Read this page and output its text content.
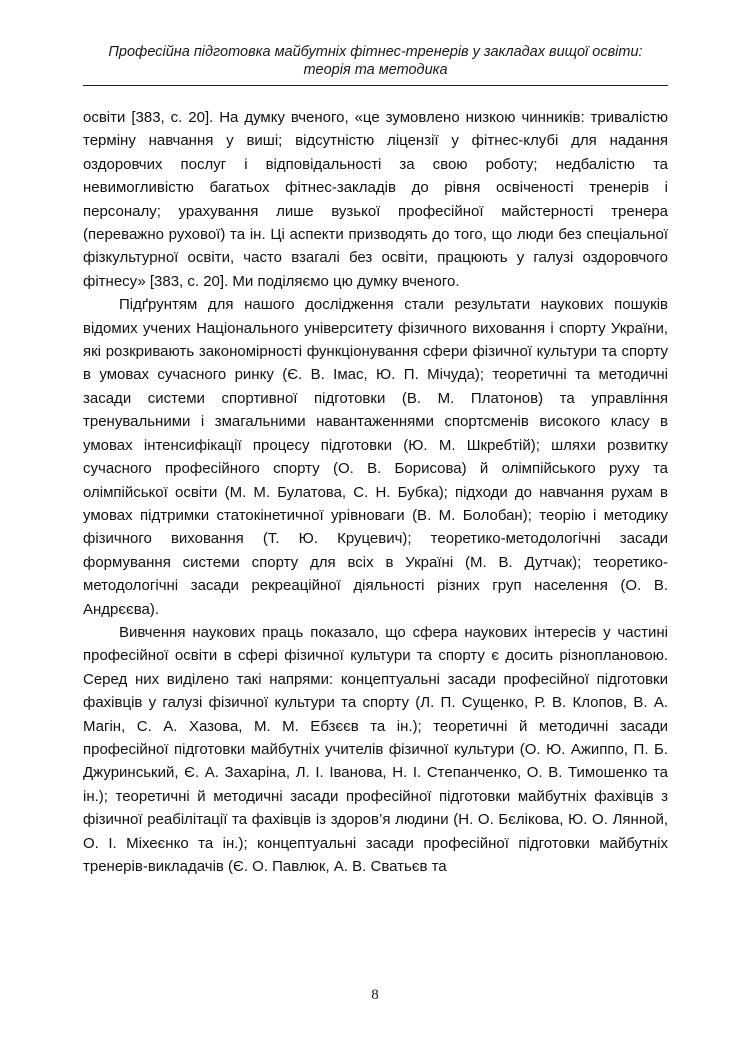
Професійна підготовка майбутніх фітнес-тренерів у закладах вищої освіти:
теорія та методика

освіти [383, с. 20]. На думку вченого, «це зумовлено низкою чинників: тривалістю терміну навчання у виші; відсутністю ліцензії у фітнес-клубі для надання оздоровчих послуг і відповідальності за свою роботу; недбалістю та невимогливістю багатьох фітнес-закладів до рівня освіченості тренерів і персоналу; урахування лише вузької професійної майстерності тренера (переважно рухової) та ін. Ці аспекти призводять до того, що люди без спеціальної фізкультурної освіти, часто взагалі без освіти, працюють у галузі оздоровчого фітнесу» [383, с. 20]. Ми поділяємо цю думку вченого.

Підґрунтям для нашого дослідження стали результати наукових пошуків відомих учених Національного університету фізичного виховання і спорту України, які розкривають закономірності функціонування сфери фізичної культури та спорту в умовах сучасного ринку (Є. В. Імас, Ю. П. Мічуда); теоретичні та методичні засади системи спортивної підготовки (В. М. Платонов) та управління тренувальними і змагальними навантаженнями спортсменів високого класу в умовах інтенсифікації процесу підготовки (Ю. М. Шкребтій); шляхи розвитку сучасного професійного спорту (О. В. Борисова) й олімпійського руху та олімпійської освіти (М. М. Булатова, С. Н. Бубка); підходи до навчання рухам в умовах підтримки статокінетичної урівноваги (В. М. Болобан); теорію і методику фізичного виховання (Т. Ю. Круцевич); теоретико-методологічні засади формування системи спорту для всіх в Україні (М. В. Дутчак); теоретико-методологічні засади рекреаційної діяльності різних груп населення (О. В. Андрєєва).

Вивчення наукових праць показало, що сфера наукових інтересів у частині професійної освіти в сфері фізичної культури та спорту є досить різноплановою. Серед них виділено такі напрями: концептуальні засади професійної підготовки фахівців у галузі фізичної культури та спорту (Л. П. Сущенко, Р. В. Клопов, В. А. Магін, С. А. Хазова, М. М. Ебзєєв та ін.); теоретичні й методичні засади професійної підготовки майбутніх учителів фізичної культури (О. Ю. Ажиппо, П. Б. Джуринський, Є. А. Захаріна, Л. І. Іванова, Н. І. Степанченко, О. В. Тимошенко та ін.); теоретичні й методичні засади професійної підготовки майбутніх фахівців з фізичної реабілітації та фахівців із здоров’я людини (Н. О. Бєлікова, Ю. О. Лянной, О. І. Міхеєнко та ін.); концептуальні засади професійної підготовки майбутніх тренерів-викладачів (Є. О. Павлюк, А. В. Сватьєв та

8
